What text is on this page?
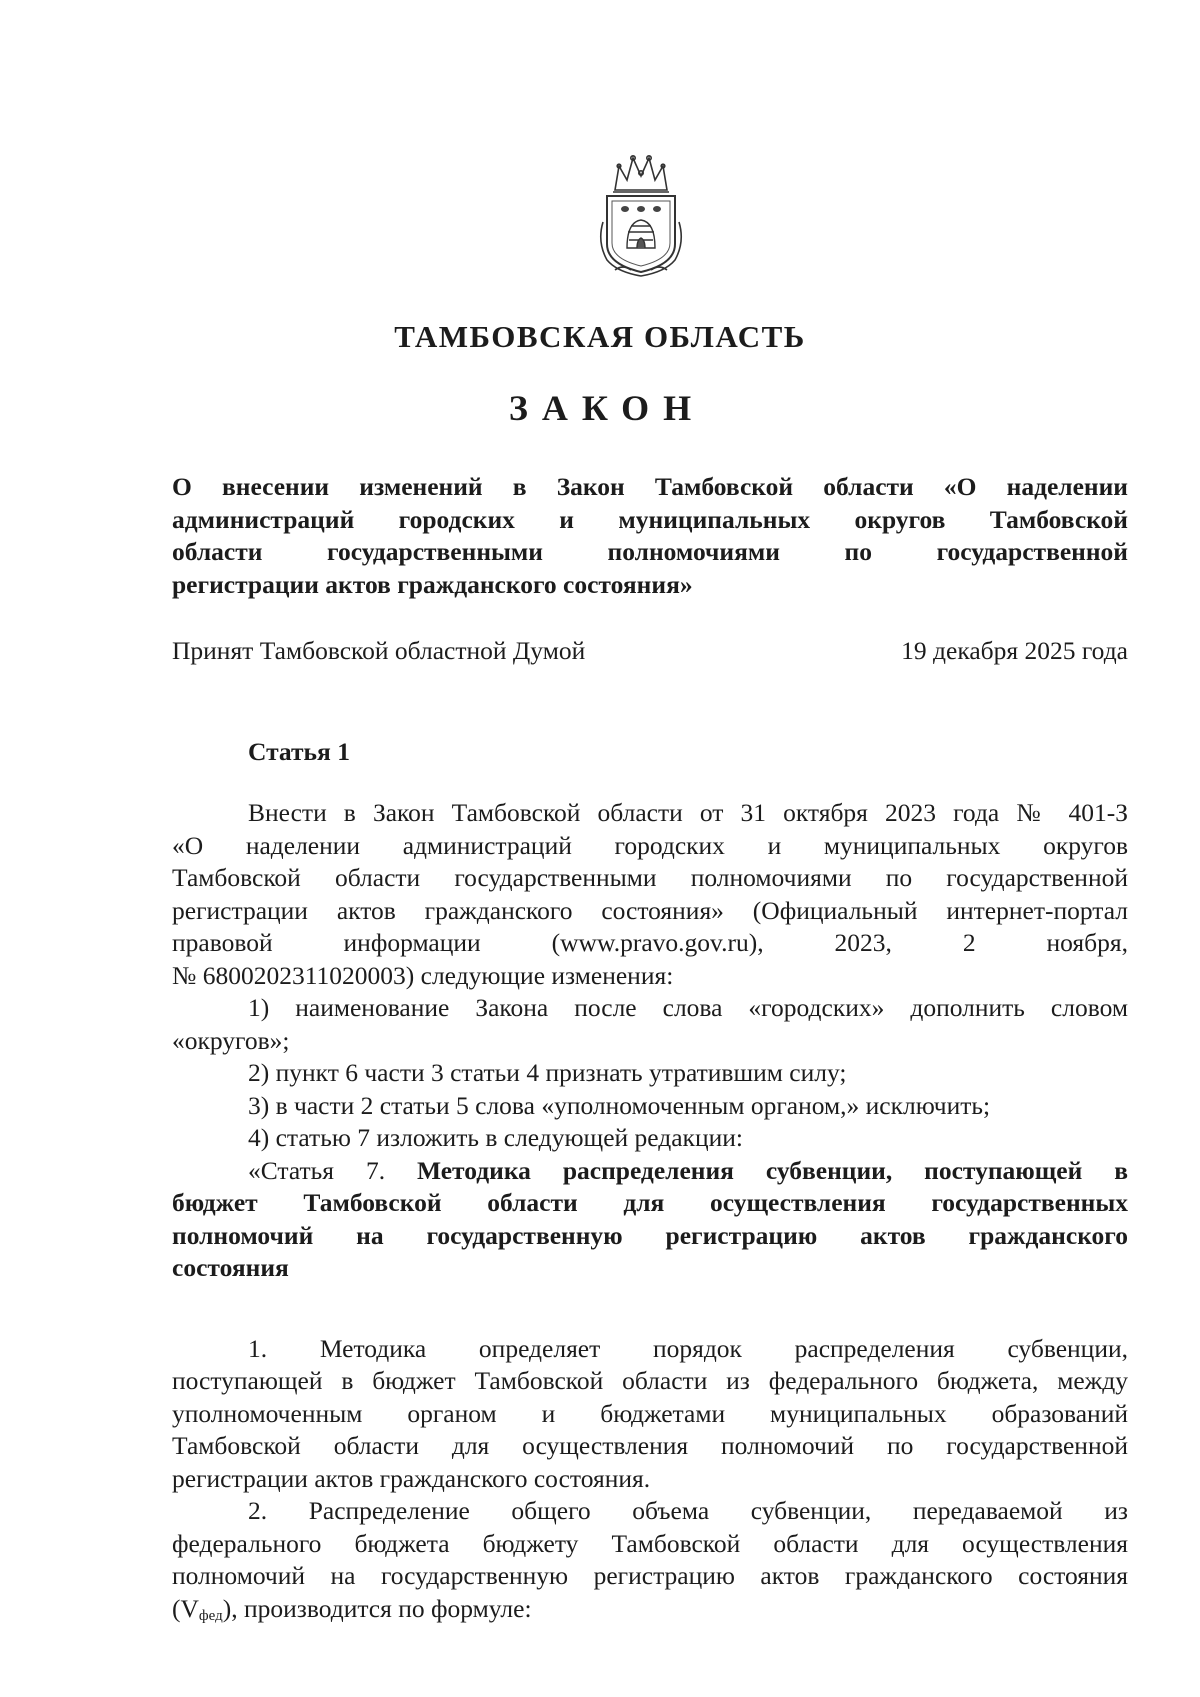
ТАМБОВСКАЯ ОБЛАСТЬ
ЗАКОН
О внесении изменений в Закон Тамбовской области «О наделении
администраций городских и муниципальных округов Тамбовской
области государственными полномочиями по государственной
регистрации актов гражданского состояния»
Принят Тамбовской областной Думой	19 декабря 2025 года
Статья 1
Внести в Закон Тамбовской области от 31 октября 2023 года № 401-З
«О наделении администраций городских и муниципальных округов
Тамбовской области государственными полномочиями по государственной
регистрации актов гражданского состояния» (Официальный интернет-портал
правовой информации (www.pravo.gov.ru), 2023, 2 ноября,
№ 6800202311020003) следующие изменения:
1) наименование Закона после слова «городских» дополнить словом
«округов»;
2) пункт 6 части 3 статьи 4 признать утратившим силу;
3) в части 2 статьи 5 слова «уполномоченным органом,» исключить;
4) статью 7 изложить в следующей редакции:
«Статья 7. Методика распределения субвенции, поступающей в
бюджет Тамбовской области для осуществления государственных
полномочий на государственную регистрацию актов гражданского
состояния
1. Методика определяет порядок распределения субвенции,
поступающей в бюджет Тамбовской области из федерального бюджета, между
уполномоченным органом и бюджетами муниципальных образований
Тамбовской области для осуществления полномочий по государственной
регистрации актов гражданского состояния.
2. Распределение общего объема субвенции, передаваемой из
федерального бюджета бюджету Тамбовской области для осуществления
полномочий на государственную регистрацию актов гражданского состояния
$(V_{фед})$, производится по формуле:
